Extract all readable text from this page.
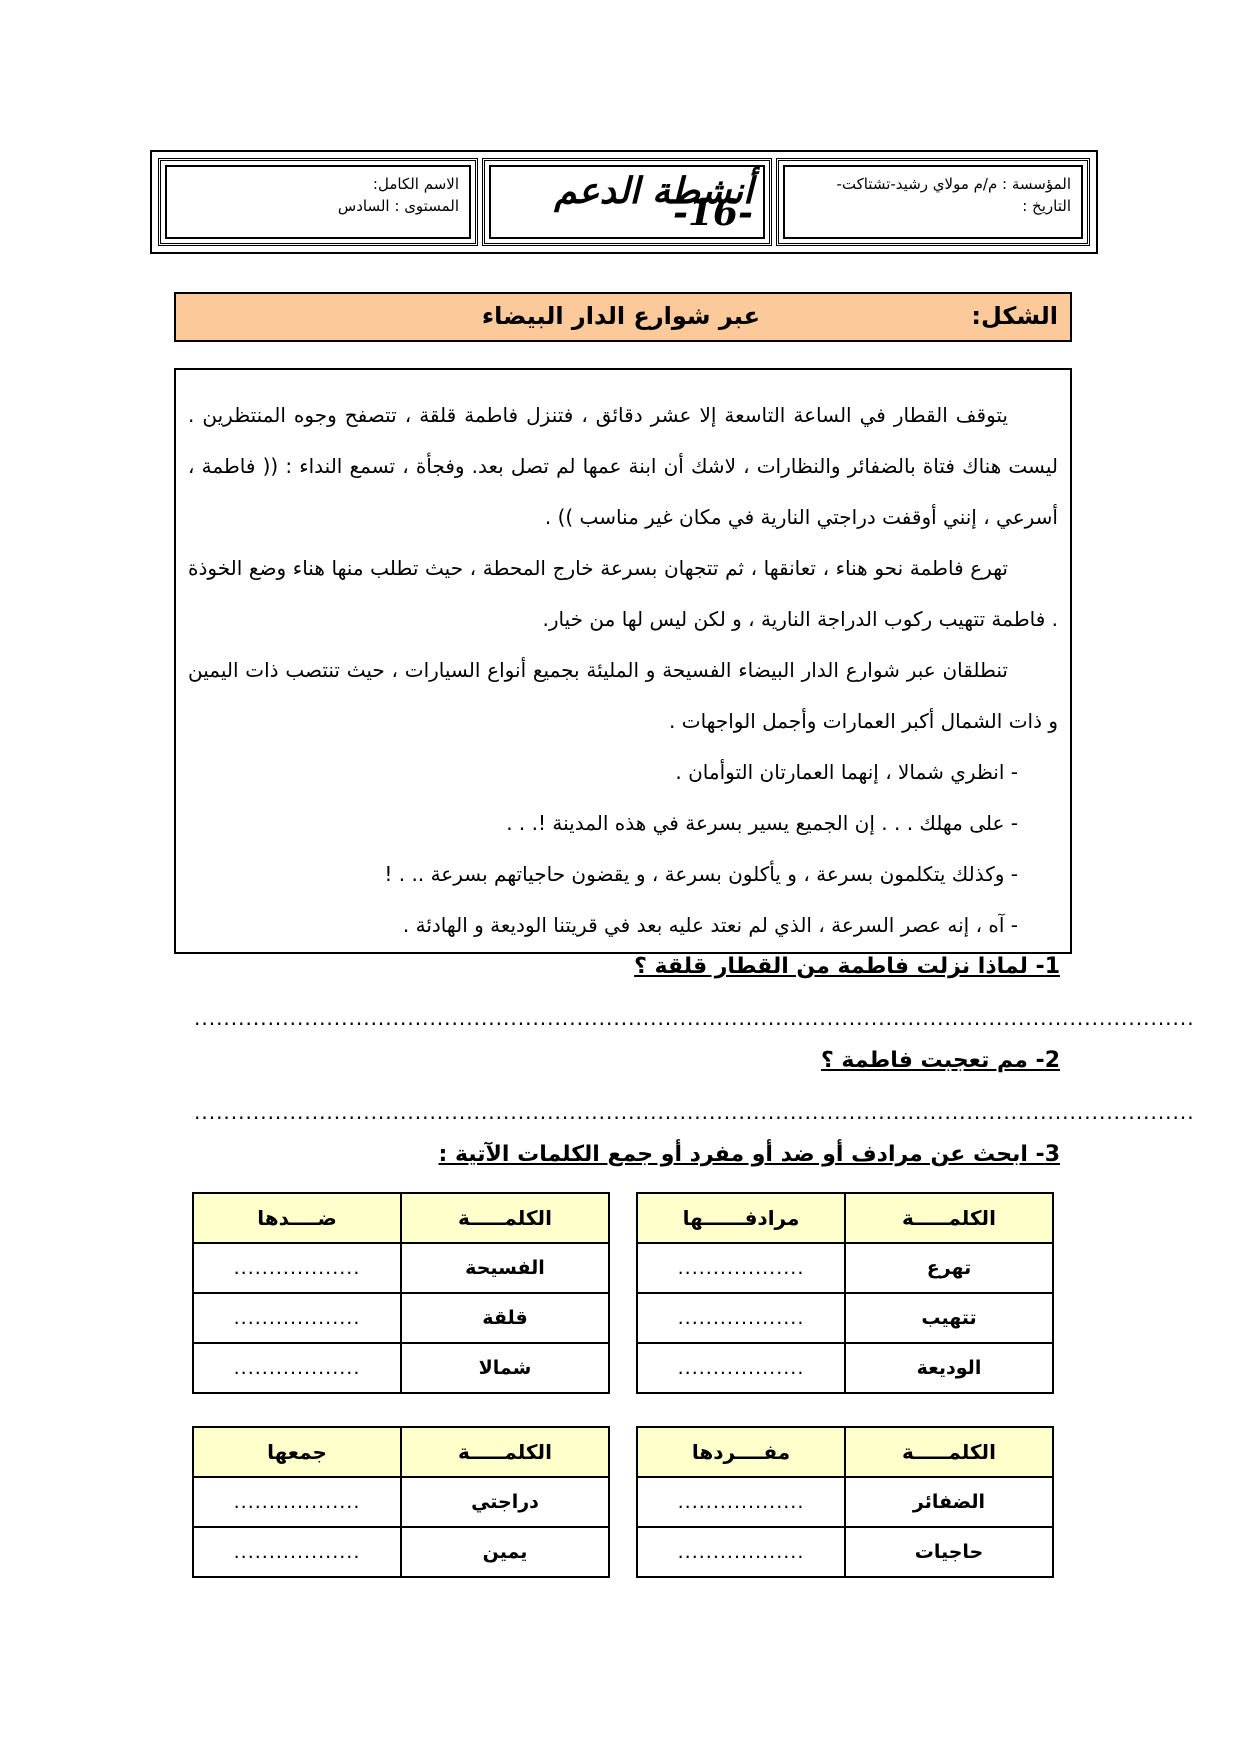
المؤسسة : م/م مولاي رشيد-تشتاكت-
التاريخ :
أنشطة الدعم -16-
الاسم الكامل:
المستوى : السادس
الشكل:
عبر شوارع الدار البيضاء

يتوقف القطار في الساعة التاسعة إلا عشر دقائق ، فتنزل فاطمة قلقة ، تتصفح وجوه المنتظرين . ليست هناك فتاة بالضفائر والنظارات ، لاشك أن ابنة عمها لم تصل بعد. وفجأة ، تسمع النداء : (( فاطمة ، أسرعي ، إنني أوقفت دراجتي النارية في مكان غير مناسب )) .

تهرع فاطمة نحو هناء ، تعانقها ، ثم تتجهان بسرعة خارج المحطة ، حيث تطلب منها هناء وضع الخوذة . فاطمة تتهيب ركوب الدراجة النارية ، و لكن ليس لها من خيار.

تنطلقان عبر شوارع الدار البيضاء الفسيحة و المليئة بجميع أنواع السيارات ، حيث تنتصب ذات اليمين و ذات الشمال أكبر العمارات وأجمل الواجهات .

- انظري شمالا ، إنهما العمارتان التوأمان .

- على مهلك . . . إن الجميع يسير بسرعة في هذه المدينة !. . .

- وكذلك يتكلمون بسرعة ، و يأكلون بسرعة ، و يقضون حاجياتهم بسرعة .. . !

- آه ، إنه عصر السرعة ، الذي لم نعتد عليه بعد في قريتنا الوديعة و الهادئة .

1- لماذا نزلت فاطمة من القطار قلقة ؟
........................................................................................................................................
2- مم تعجبت فاطمة ؟
........................................................................................................................................
3- ابحث عن مرادف أو ضد أو مفرد أو جمع الكلمات الآتية :
الكلمـــــة	مرادفــــــها
تهرع	..................
تتهيب	..................
الوديعة	..................
الكلمـــــة	ضــــدها
الفسيحة	..................
قلقة	..................
شمالا	..................
الكلمـــــة	مفــــردها
الضفائر	..................
حاجيات	..................
الكلمـــــة	جمعها
دراجتي	..................
يمين	..................
